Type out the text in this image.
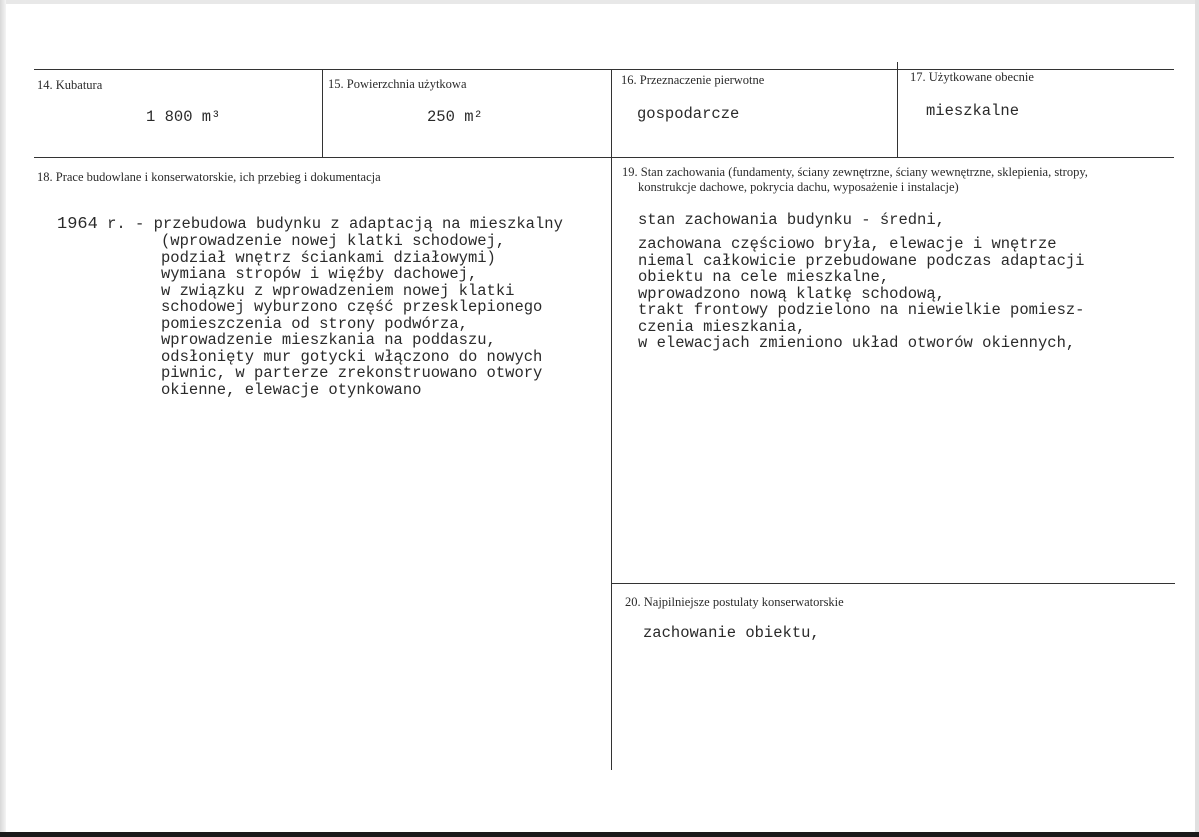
14. Kubatura
1 800 m³
15. Powierzchnia użytkowa
250 m²
16. Przeznaczenie pierwotne
gospodarcze
17. Użytkowane obecnie
mieszkalne
18. Prace budowlane i konserwatorskie, ich przebieg i dokumentacja
1964 r. - przebudowa budynku z adaptacją na mieszkalny
(wprowadzenie nowej klatki schodowej,
podział wnętrz ściankami działowymi)
wymiana stropów i więźby dachowej,
w związku z wprowadzeniem nowej klatki
schodowej wyburzono część przesklepionego
pomieszczenia od strony podwórza,
wprowadzenie mieszkania na poddaszu,
odsłonięty mur gotycki włączono do nowych
piwnic, w parterze zrekonstruowano otwory
okienne, elewacje otynkowano
19. Stan zachowania (fundamenty, ściany zewnętrzne, ściany wewnętrzne, sklepienia, stropy,
konstrukcje dachowe, pokrycia dachu, wyposażenie i instalacje)
stan zachowania budynku - średni,
zachowana częściowo bryła, elewacje i wnętrze
niemal całkowicie przebudowane podczas adaptacji
obiektu na cele mieszkalne,
wprowadzono nową klatkę schodową,
trakt frontowy podzielono na niewielkie pomiesz-
czenia mieszkania,
w elewacjach zmieniono układ otworów okiennych,
20. Najpilniejsze postulaty konserwatorskie
zachowanie obiektu,
